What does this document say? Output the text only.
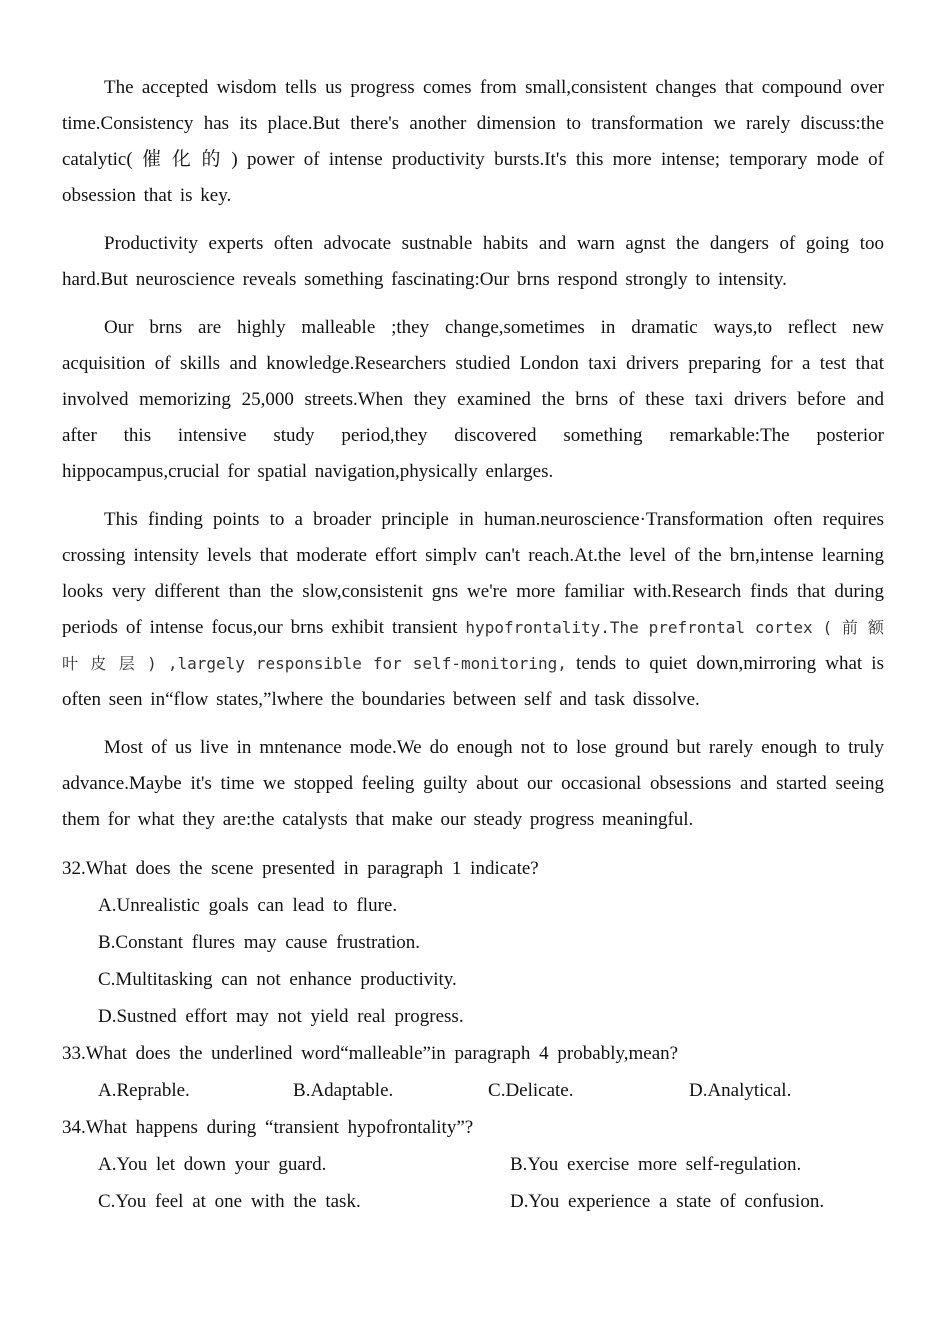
The accepted wisdom tells us progress comes from small,consistent changes that compound over time.Consistency has its place.But there's another dimension to transformation we rarely discuss:the catalytic( 催 化 的 ) power of intense productivity bursts.It's this more intense; temporary mode of obsession that is key.

Productivity experts often advocate sustnable habits and warn agnst the dangers of going too hard.But neuroscience reveals something fascinating:Our brns respond strongly to intensity.

Our brns are highly malleable ;they change,sometimes in dramatic ways,to reflect new acquisition of skills and knowledge.Researchers studied London taxi drivers preparing for a test that involved memorizing 25,000 streets.When they examined the brns of these taxi drivers before and after this intensive study period,they discovered something remarkable:The posterior hippocampus,crucial for spatial navigation,physically enlarges.

This finding points to a broader principle in human.neuroscience·Transformation often requires crossing intensity levels that moderate effort simplv can't reach.At.the level of the brn,intense learning looks very different than the slow,consistenit gns we're more familiar with.Research finds that during periods of intense focus,our brns exhibit transient hypofrontality.The prefrontal cortex ( 前 额 叶 皮 层 ) ,largely responsible for self-monitoring, tends to quiet down,mirroring what is often seen in“flow states,”lwhere the boundaries between self and task dissolve.

Most of us live in mntenance mode.We do enough not to lose ground but rarely enough to truly advance.Maybe it's time we stopped feeling guilty about our occasional obsessions and started seeing them for what they are:the catalysts that make our steady progress meaningful.

32.What does the scene presented in paragraph 1 indicate?

A.Unrealistic goals can lead to flure.

B.Constant flures may cause frustration.

C.Multitasking can not enhance productivity.

D.Sustned effort may not yield real progress.

33.What does the underlined word“malleable”in paragraph 4 probably,mean?

A.Reprable.	B.Adaptable.	C.Delicate.	D.Analytical.

34.What happens during “transient hypofrontality”?

A.You let down your guard.	B.You exercise more self-regulation.
C.You feel at one with the task.	D.You experience a state of confusion.
